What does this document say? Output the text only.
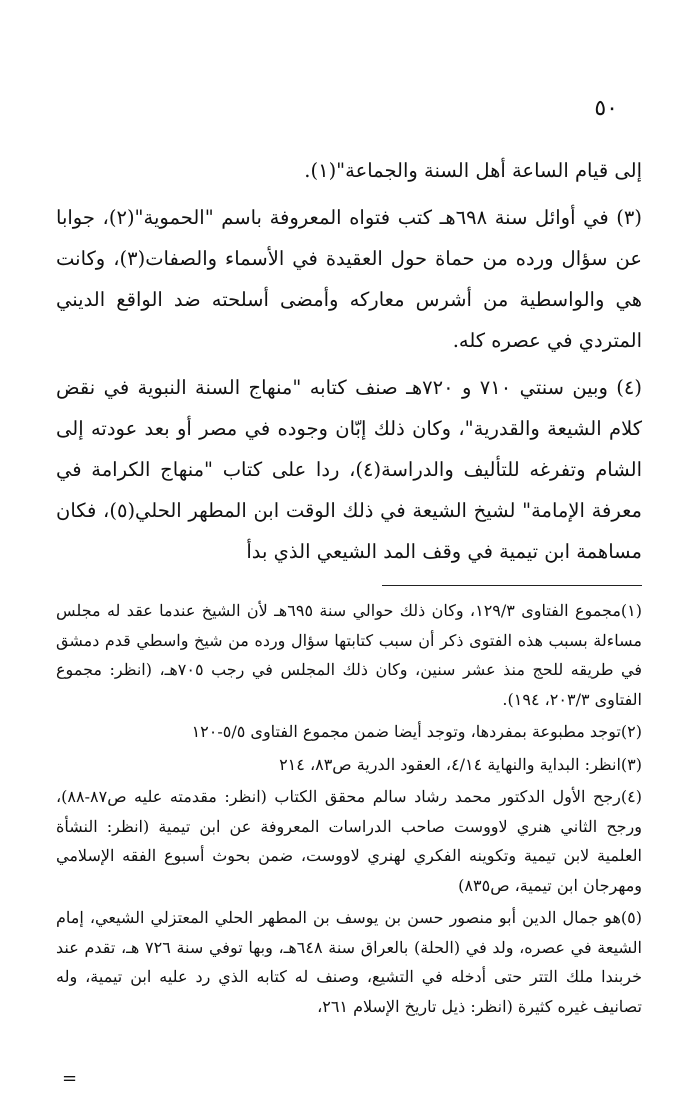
٥٠

إلى قيام الساعة أهل السنة والجماعة"(١).

(٣) في أوائل سنة ٦٩٨هـ كتب فتواه المعروفة باسم "الحموية"(٢)، جوابا عن سؤال ورده من حماة حول العقيدة في الأسماء والصفات(٣)، وكانت هي والواسطية من أشرس معاركه وأمضى أسلحته ضد الواقع الديني المتردي في عصره كله.

(٤) وبين سنتي ٧١٠ و ٧٢٠هـ صنف كتابه "منهاج السنة النبوية في نقض كلام الشيعة والقدرية"، وكان ذلك إبّان وجوده في مصر أو بعد عودته إلى الشام وتفرغه للتأليف والدراسة(٤)، ردا على كتاب "منهاج الكرامة في معرفة الإمامة" لشيخ الشيعة في ذلك الوقت ابن المطهر الحلي(٥)، فكان مساهمة ابن تيمية في وقف المد الشيعي الذي بدأ

(١)مجموع الفتاوى ١٢٩/٣، وكان ذلك حوالي سنة ٦٩٥هـ لأن الشيخ عندما عقد له مجلس مساءلة بسبب هذه الفتوى ذكر أن سبب كتابتها سؤال ورده من شيخ واسطي قدم دمشق في طريقه للحج منذ عشر سنين، وكان ذلك المجلس في رجب ٧٠٥هـ، (انظر: مجموع الفتاوى ٢٠٣/٣، ١٩٤).

(٢)توجد مطبوعة بمفردها، وتوجد أيضا ضمن مجموع الفتاوى ٥/٥-١٢٠

(٣)انظر: البداية والنهاية ٤/١٤، العقود الدرية ص٨٣، ٢١٤

(٤)رجح الأول الدكتور محمد رشاد سالم محقق الكتاب (انظر: مقدمته عليه ص٨٧-٨٨)، ورجح الثاني هنري لاووست صاحب الدراسات المعروفة عن ابن تيمية (انظر: النشأة العلمية لابن تيمية وتكوينه الفكري لهنري لاووست، ضمن بحوث أسبوع الفقه الإسلامي ومهرجان ابن تيمية، ص٨٣٥)

(٥)هو جمال الدين أبو منصور حسن بن يوسف بن المطهر الحلي المعتزلي الشيعي، إمام الشيعة في عصره، ولد في (الحلة) بالعراق سنة ٦٤٨هـ، وبها توفي سنة ٧٢٦ هـ، تقدم عند خربندا ملك التتر حتى أدخله في التشيع، وصنف له كتابه الذي رد عليه ابن تيمية، وله تصانيف غيره كثيرة (انظر: ذيل تاريخ الإسلام ٢٦١،

=
